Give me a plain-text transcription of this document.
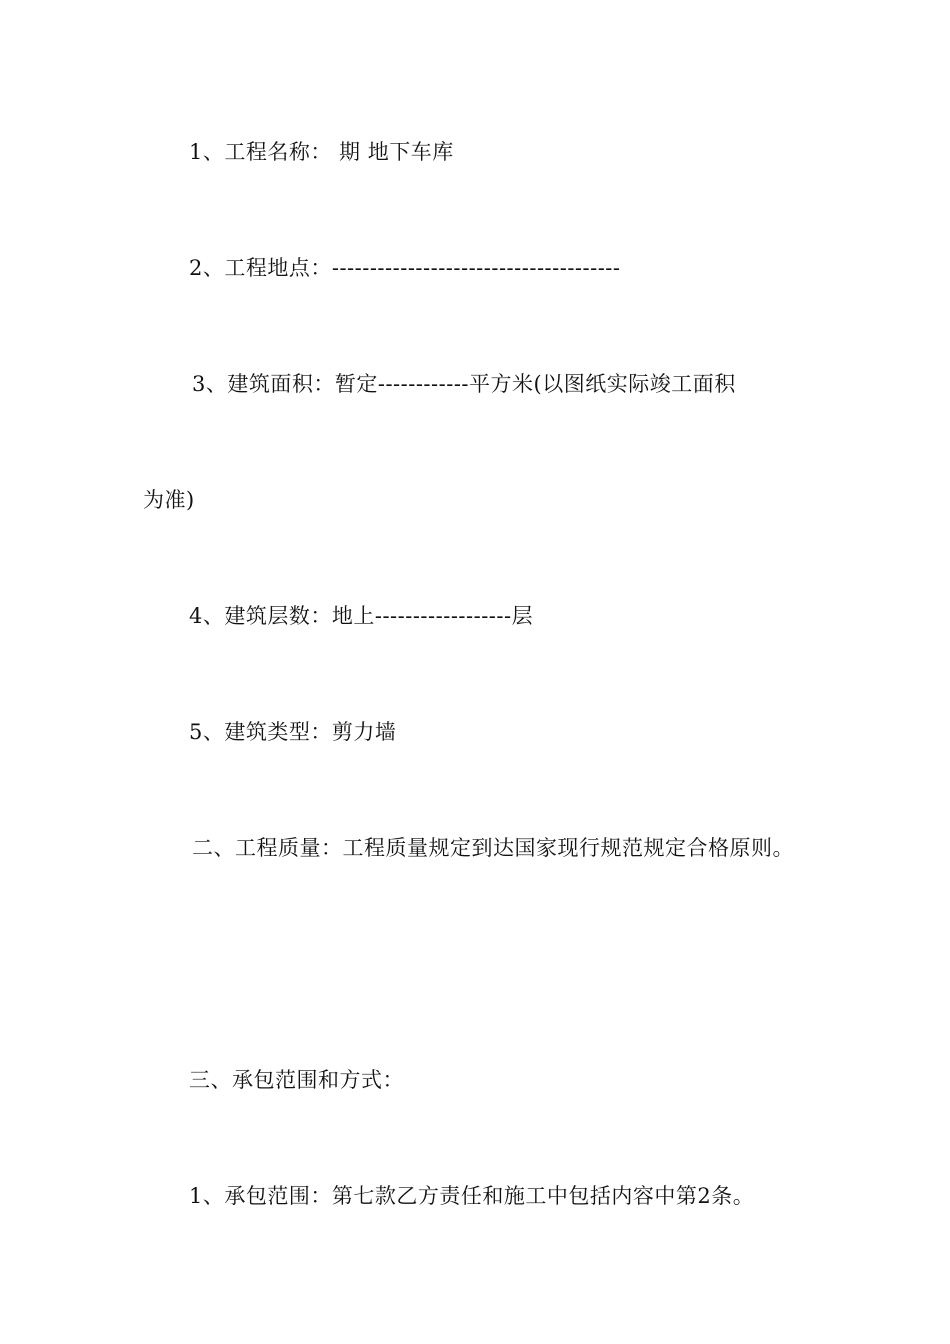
1、工程名称： 期 地下车库
2、工程地点：--------------------------------------
3、建筑面积：暂定------------平方米(以图纸实际竣工面积
为准)
4、建筑层数：地上------------------层
5、建筑类型：剪力墙
二、工程质量：工程质量规定到达国家现行规范规定合格原则。
三、承包范围和方式：
1、承包范围：第七款乙方责任和施工中包括内容中第2条。
